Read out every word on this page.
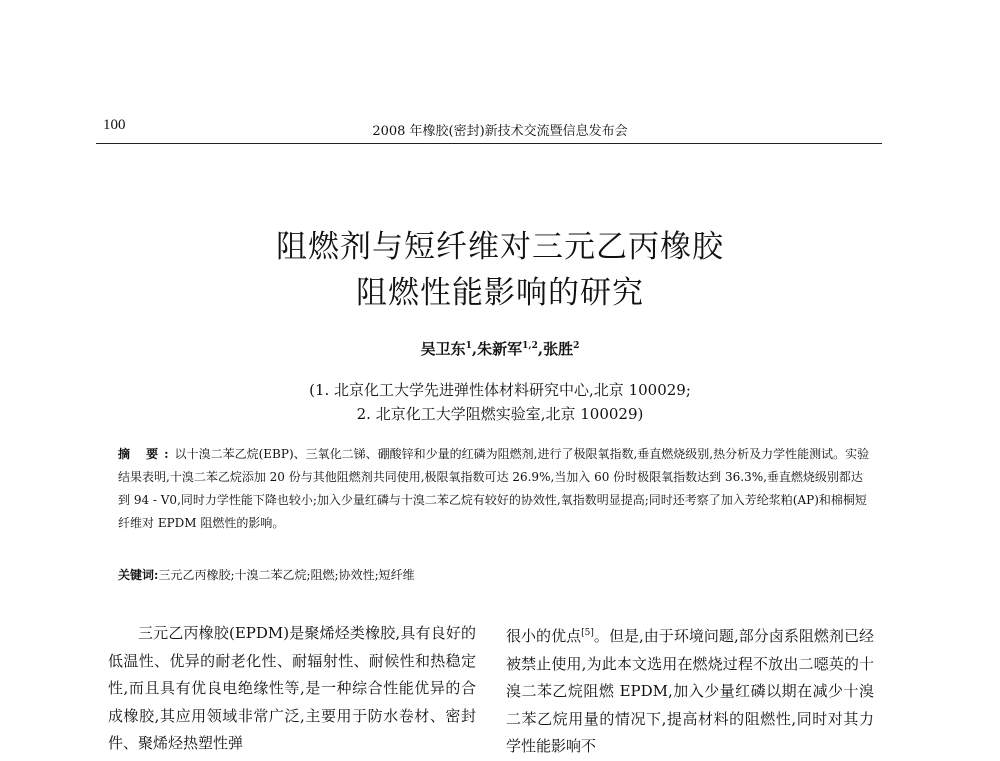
100	2008 年橡胶(密封)新技术交流暨信息发布会
阻燃剂与短纤维对三元乙丙橡胶
阻燃性能影响的研究
吴卫东$^1$,朱新军$^{1,2}$,张胜$^2$
(1. 北京化工大学先进弹性体材料研究中心,北京 100029;
2. 北京化工大学阻燃实验室,北京 100029)
摘 要:以十溴二苯乙烷(EBP)、三氧化二锑、硼酸锌和少量的红磷为阻燃剂,进行了极限氧指数,垂直燃烧级别,热分析及力学性能测试。实验结果表明,十溴二苯乙烷添加 20 份与其他阻燃剂共同使用,极限氧指数可达 26.9%,当加入 60 份时极限氧指数达到 36.3%,垂直燃烧级别都达到 94 - V0,同时力学性能下降也较小;加入少量红磷与十溴二苯乙烷有较好的协效性,氧指数明显提高;同时还考察了加入芳纶浆粕(AP)和棉桐短纤维对 EPDM 阻燃性的影响。
关键词:三元乙丙橡胶;十溴二苯乙烷;阻燃;协效性;短纤维
三元乙丙橡胶(EPDM)是聚烯烃类橡胶,具有良好的低温性、优异的耐老化性、耐辐射性、耐候性和热稳定性,而且具有优良电绝缘性等,是一种综合性能优异的合成橡胶,其应用领域非常广泛,主要用于防水卷材、密封件、聚烯烃热塑性弹
很小的优点[5]。但是,由于环境问题,部分卤系阻燃剂已经被禁止使用,为此本文选用在燃烧过程不放出二噁英的十溴二苯乙烷阻燃 EPDM,加入少量红磷以期在减少十溴二苯乙烷用量的情况下,提高材料的阻燃性,同时对其力学性能影响不
